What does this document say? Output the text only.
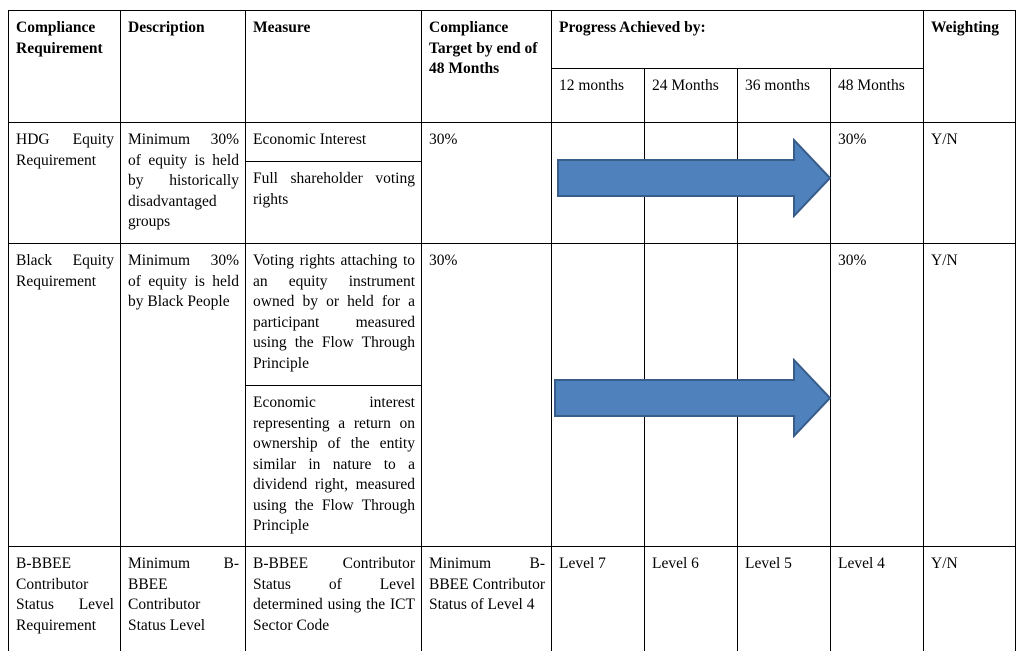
Compliance Requirement	Description	Measure	Compliance Target by end of 48 Months	Progress Achieved by:				Weighting
				12 months	24 Months	36 months	48 Months	
HDG Equity Requirement	Minimum 30% of equity is held by historically disadvantaged groups	Economic Interest	30%				30%	Y/N
		Full shareholder voting rights						
Black Equity Requirement	Minimum 30% of equity is held by Black People	Voting rights attaching to an equity instrument owned by or held for a participant measured using the Flow Through Principle	30%				30%	Y/N
		Economic interest representing a return on ownership of the entity similar in nature to a dividend right, measured using the Flow Through Principle						
B-BBEE Contributor Status Level Requirement	Minimum B-BBEE Contributor Status Level	B-BBEE Contributor Status of Level determined using the ICT Sector Code	Minimum B-BBEE Contributor Status of Level 4	Level 7	Level 6	Level 5	Level 4	Y/N
